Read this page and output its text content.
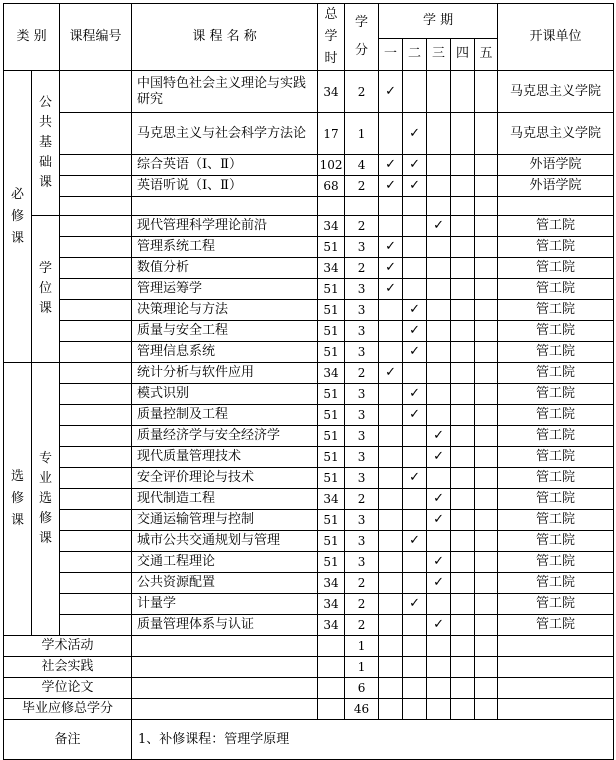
类 别		课程编号	课 程 名 称	总学时	学分	学 期					开课单位
						一	二	三	四	五	
必修课	公共基础课		中国特色社会主义理论与实践研究	34	2	✓					马克思主义学院
			马克思主义与社会科学方法论	17	1		✓				马克思主义学院
			综合英语（Ⅰ、Ⅱ）	102	4	✓	✓				外语学院
			英语听说（Ⅰ、Ⅱ）	68	2	✓	✓				外语学院

	学位课		现代管理科学理论前沿	34	2			✓			管工院
			管理系统工程	51	3	✓					管工院
			数值分析	34	2	✓					管工院
			管理运筹学	51	3	✓					管工院
			决策理论与方法	51	3		✓				管工院
			质量与安全工程	51	3		✓				管工院
			管理信息系统	51	3		✓				管工院
选修课	专业选修课		统计分析与软件应用	34	2	✓					管工院
			模式识别	51	3		✓				管工院
			质量控制及工程	51	3		✓				管工院
			质量经济学与安全经济学	51	3			✓			管工院
			现代质量管理技术	51	3			✓			管工院
			安全评价理论与技术	51	3		✓				管工院
			现代制造工程	34	2			✓			管工院
			交通运输管理与控制	51	3			✓			管工院
			城市公共交通规划与管理	51	3		✓				管工院
			交通工程理论	51	3			✓			管工院
			公共资源配置	34	2			✓			管工院
			计量学	34	2		✓				管工院
			质量管理体系与认证	34	2			✓			管工院
学术活动					1						
社会实践					1						
学位论文					6						
毕业应修总学分					46						
备注			1、补修课程：管理学原理								
